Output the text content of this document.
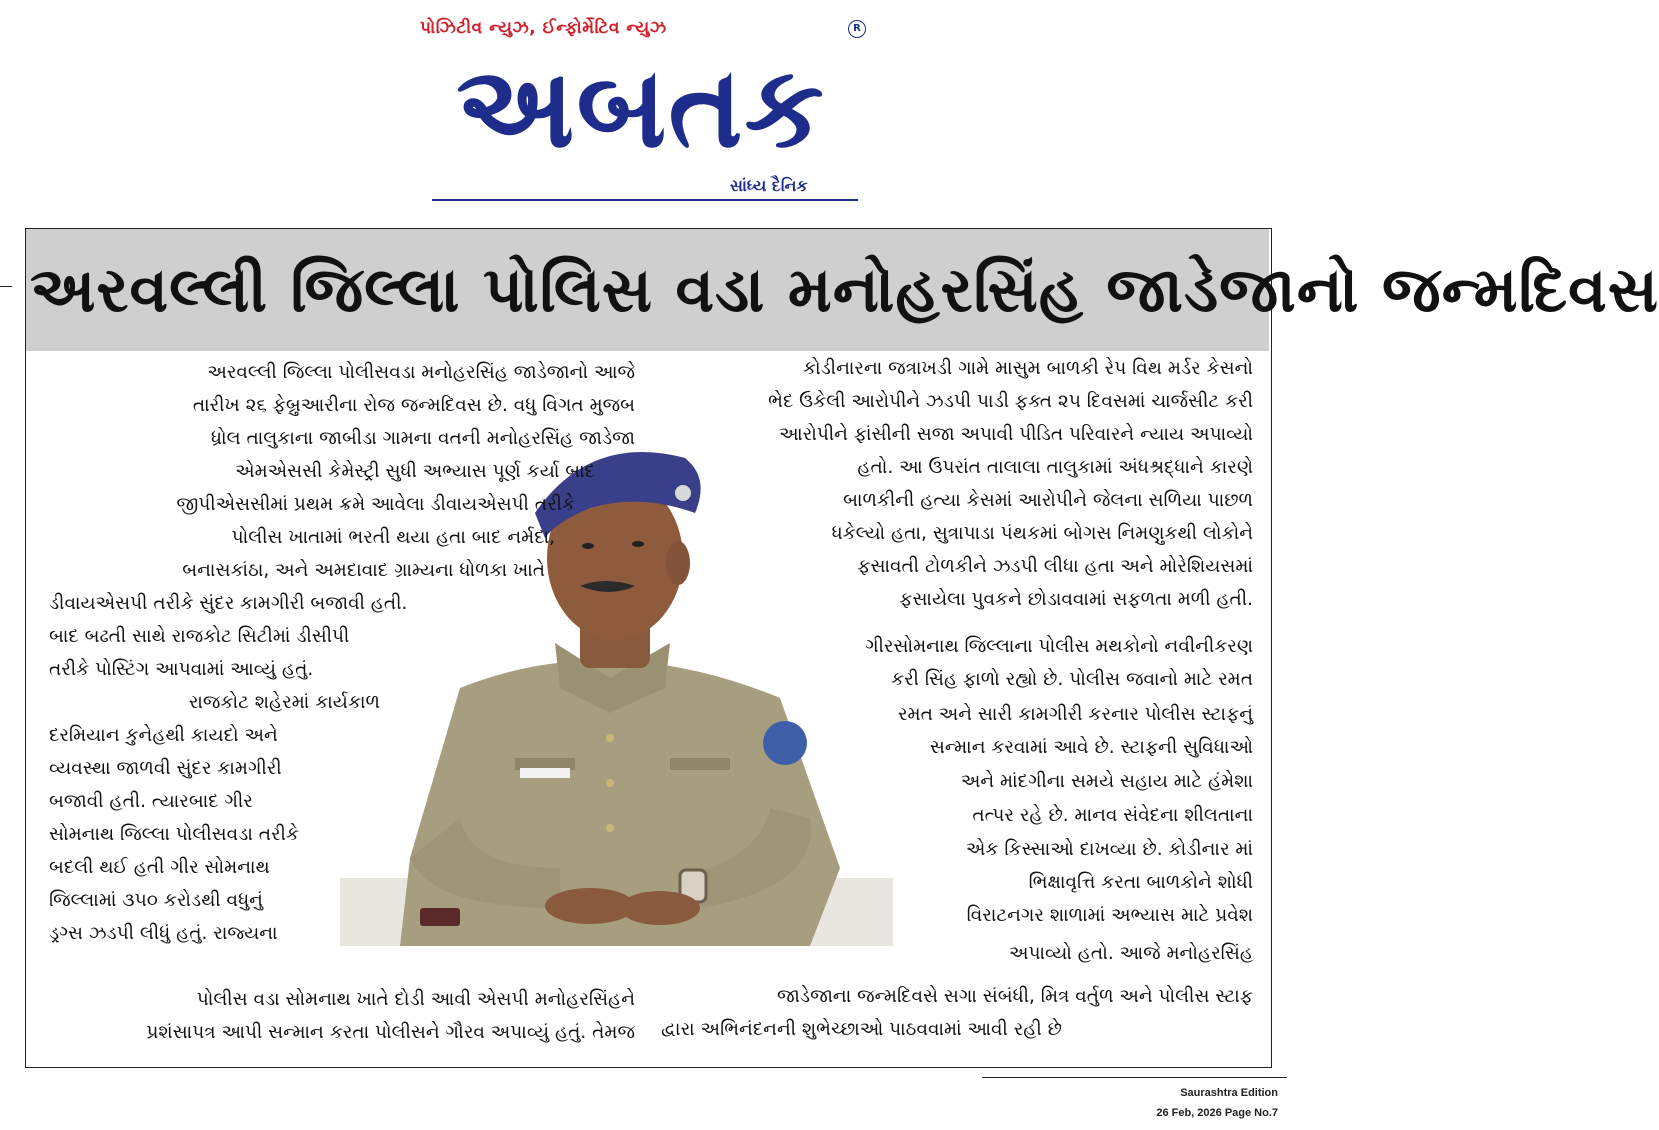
પોઝિટીવ ન્યુઝ, ઈન્ફોર્મેટિવ ન્યુઝ	R
અબતક
સાંધ્ય દૈનિક
અરવલ્લી જિલ્લા પોલિસ વડા મનોહરસિંહ જાડેજાનો જન્મદિવસ
અરવલ્લી જિલ્લા પોલીસવડા મનોહરસિંહ જાડેજાનો આજે
તારીખ ૨૬ ફેબ્રુઆરીના રોજ જન્મદિવસ છે. વધુ વિગત મુજબ
ધ્રોલ તાલુકાના જાબીડા ગામના વતની મનોહરસિંહ જાડેજા
એમએસસી કેમેસ્ટ્રી સુધી અભ્યાસ પૂર્ણ કર્યા બાદ
જીપીએસસીમાં પ્રથમ ક્રમે આવેલા ડીવાયએસપી તરીકે
પોલીસ ખાતામાં ભરતી થયા હતા બાદ નર્મદા,
બનાસકાંઠા, અને અમદાવાદ ગ્રામ્યના ધોળકા ખાતે
ડીવાયએસપી તરીકે સુંદર કામગીરી બજાવી હતી.
બાદ બઢતી સાથે રાજકોટ સિટીમાં ડીસીપી
તરીકે પોસ્ટિંગ આપવામાં આવ્યું હતું.
રાજકોટ શહેરમાં કાર્યકાળ
દરમિયાન કુનેહથી કાયદો અને
વ્યવસ્થા જાળવી સુંદર કામગીરી
બજાવી હતી. ત્યારબાદ ગીર
સોમનાથ જિલ્લા પોલીસવડા તરીકે
બદલી થઈ હતી ગીર સોમનાથ
જિલ્લામાં ૩૫૦ કરોડથી વધુનું
ડ્રગ્સ ઝડપી લીધું હતું. રાજ્યના
પોલીસ વડા સોમનાથ ખાતે દોડી આવી એસપી મનોહરસિંહને
પ્રશંસાપત્ર આપી સન્માન કરતા પોલીસને ગૌરવ અપાવ્યું હતું. તેમજ
કોડીનારના જત્રાખડી ગામે માસુમ બાળકી રેપ વિથ મર્ડર કેસનો
ભેદ ઉકેલી આરોપીને ઝડપી પાડી ફક્ત ૨૫ દિવસમાં ચાર્જસીટ કરી
આરોપીને ફાંસીની સજા અપાવી પીડિત પરિવારને ન્યાય અપાવ્યો
હતો. આ ઉપરાંત તાલાલા તાલુકામાં અંધશ્રદ્ધાને કારણે
બાળકીની હત્યા કેસમાં આરોપીને જેલના સળિયા પાછળ
ધકેલ્યો હતા, સુત્રાપાડા પંથકમાં બોગસ નિમણુકથી લોકોને
ફસાવતી ટોળકીને ઝડપી લીધા હતા અને મોરેશિયસમાં
ફસાયેલા પુવકને છોડાવવામાં સફળતા મળી હતી.
ગીરસોમનાથ જિલ્લાના પોલીસ મથકોનો નવીનીકરણ
કરી સિંહ ફાળો રહ્યો છે. પોલીસ જવાનો માટે રમત
રમત અને સારી કામગીરી કરનાર પોલીસ સ્ટાફનું
સન્માન કરવામાં આવે છે. સ્ટાફની સુવિધાઓ
અને માંદગીના સમયે સહાય માટે હંમેશા
તત્પર રહે છે. માનવ સંવેદના શીલતાના
એક કિસ્સાઓ દાખવ્યા છે. કોડીનાર માં
ભિક્ષાવૃત્તિ કરતા બાળકોને શોધી
વિરાટનગર શાળામાં અભ્યાસ માટે પ્રવેશ
અપાવ્યો હતો. આજે મનોહરસિંહ
જાડેજાના જન્મદિવસે સગા સંબંધી, મિત્ર વર્તુળ અને પોલીસ સ્ટાફ
દ્વારા અભિનંદનની શુભેચ્છાઓ પાઠવવામાં આવી રહી છે
Saurashtra Edition
26 Feb, 2026 Page No.7
